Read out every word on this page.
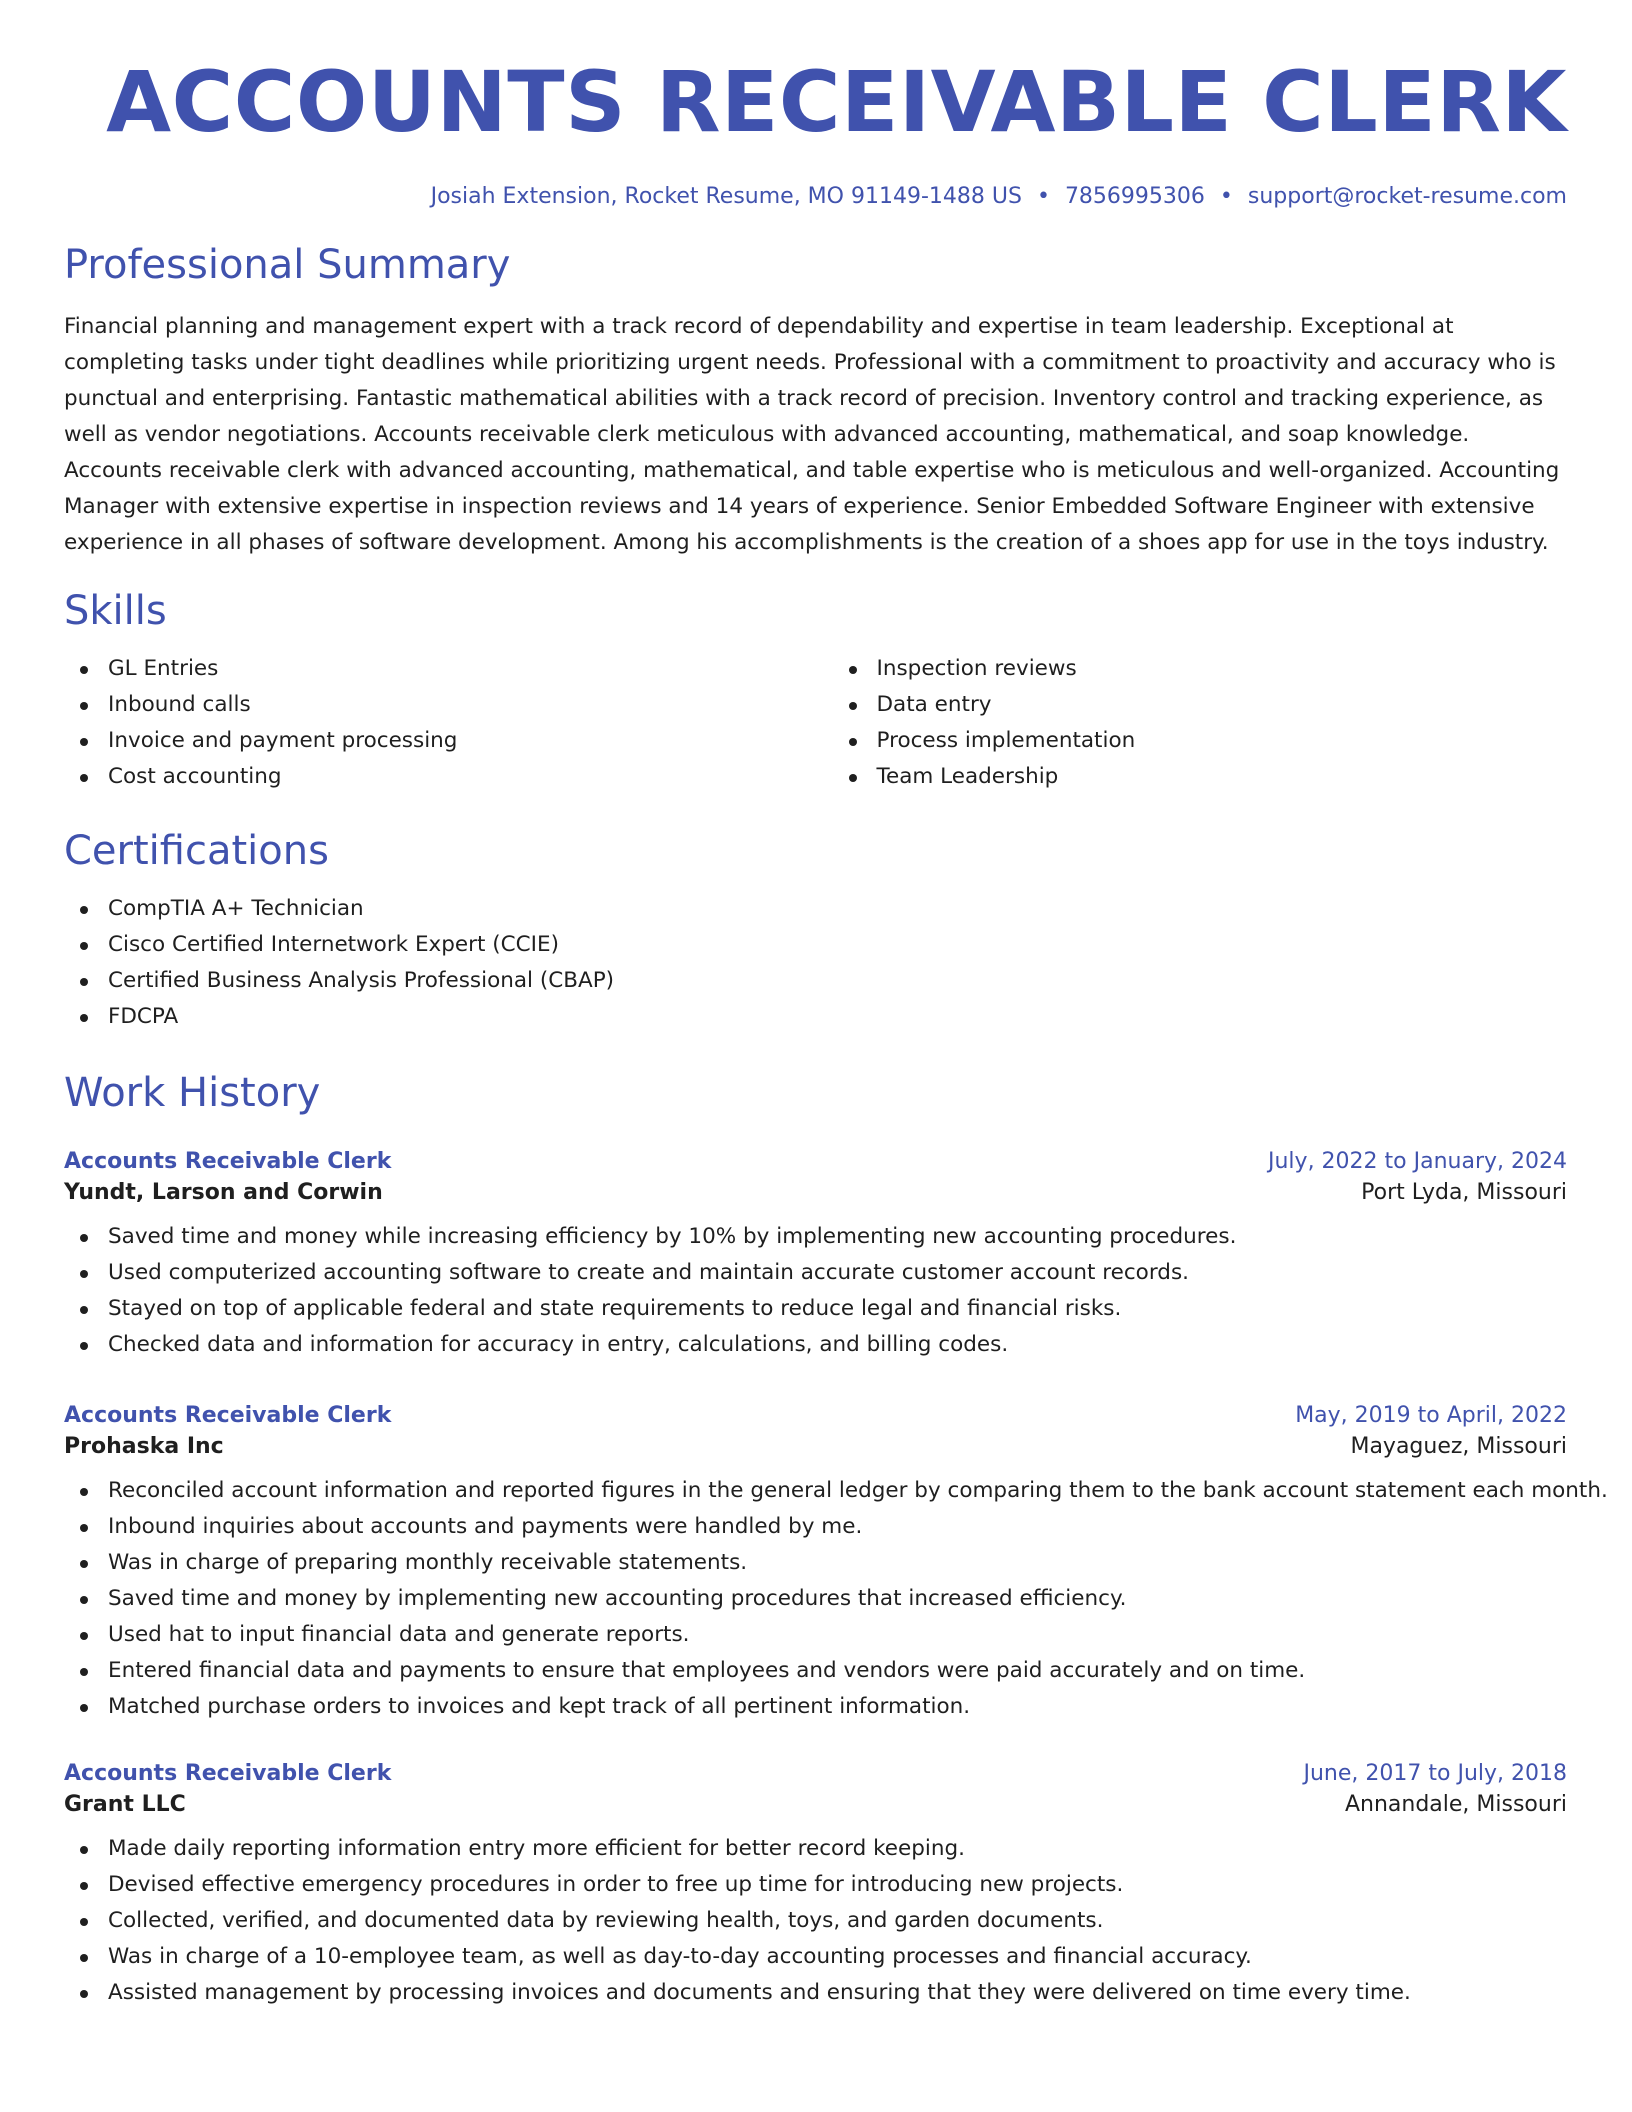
ACCOUNTS RECEIVABLE CLERK
Josiah Extension, Rocket Resume, MO 91149-1488 US • 7856995306 • support@rocket-resume.com
Professional Summary

Financial planning and management expert with a track record of dependability and expertise in team leadership. Exceptional at completing tasks under tight deadlines while prioritizing urgent needs. Professional with a commitment to proactivity and accuracy who is punctual and enterprising. Fantastic mathematical abilities with a track record of precision. Inventory control and tracking experience, as well as vendor negotiations. Accounts receivable clerk meticulous with advanced accounting, mathematical, and soap knowledge. Accounts receivable clerk with advanced accounting, mathematical, and table expertise who is meticulous and well-organized. Accounting Manager with extensive expertise in inspection reviews and 14 years of experience. Senior Embedded Software Engineer with extensive experience in all phases of software development. Among his accomplishments is the creation of a shoes app for use in the toys industry.

Skills
GL Entries
Inbound calls
Invoice and payment processing
Cost accounting
Inspection reviews
Data entry
Process implementation
Team Leadership
Certifications
CompTIA A+ Technician
Cisco Certified Internetwork Expert (CCIE)
Certified Business Analysis Professional (CBAP)
FDCPA
Work History
Accounts Receivable Clerk	July, 2022 to January, 2024
Yundt, Larson and Corwin	Port Lyda, Missouri
Saved time and money while increasing efficiency by 10% by implementing new accounting procedures.
Used computerized accounting software to create and maintain accurate customer account records.
Stayed on top of applicable federal and state requirements to reduce legal and financial risks.
Checked data and information for accuracy in entry, calculations, and billing codes.
Accounts Receivable Clerk	May, 2019 to April, 2022
Prohaska Inc	Mayaguez, Missouri
Reconciled account information and reported figures in the general ledger by comparing them to the bank account statement each month.
Inbound inquiries about accounts and payments were handled by me.
Was in charge of preparing monthly receivable statements.
Saved time and money by implementing new accounting procedures that increased efficiency.
Used hat to input financial data and generate reports.
Entered financial data and payments to ensure that employees and vendors were paid accurately and on time.
Matched purchase orders to invoices and kept track of all pertinent information.
Accounts Receivable Clerk	June, 2017 to July, 2018
Grant LLC	Annandale, Missouri
Made daily reporting information entry more efficient for better record keeping.
Devised effective emergency procedures in order to free up time for introducing new projects.
Collected, verified, and documented data by reviewing health, toys, and garden documents.
Was in charge of a 10-employee team, as well as day-to-day accounting processes and financial accuracy.
Assisted management by processing invoices and documents and ensuring that they were delivered on time every time.
